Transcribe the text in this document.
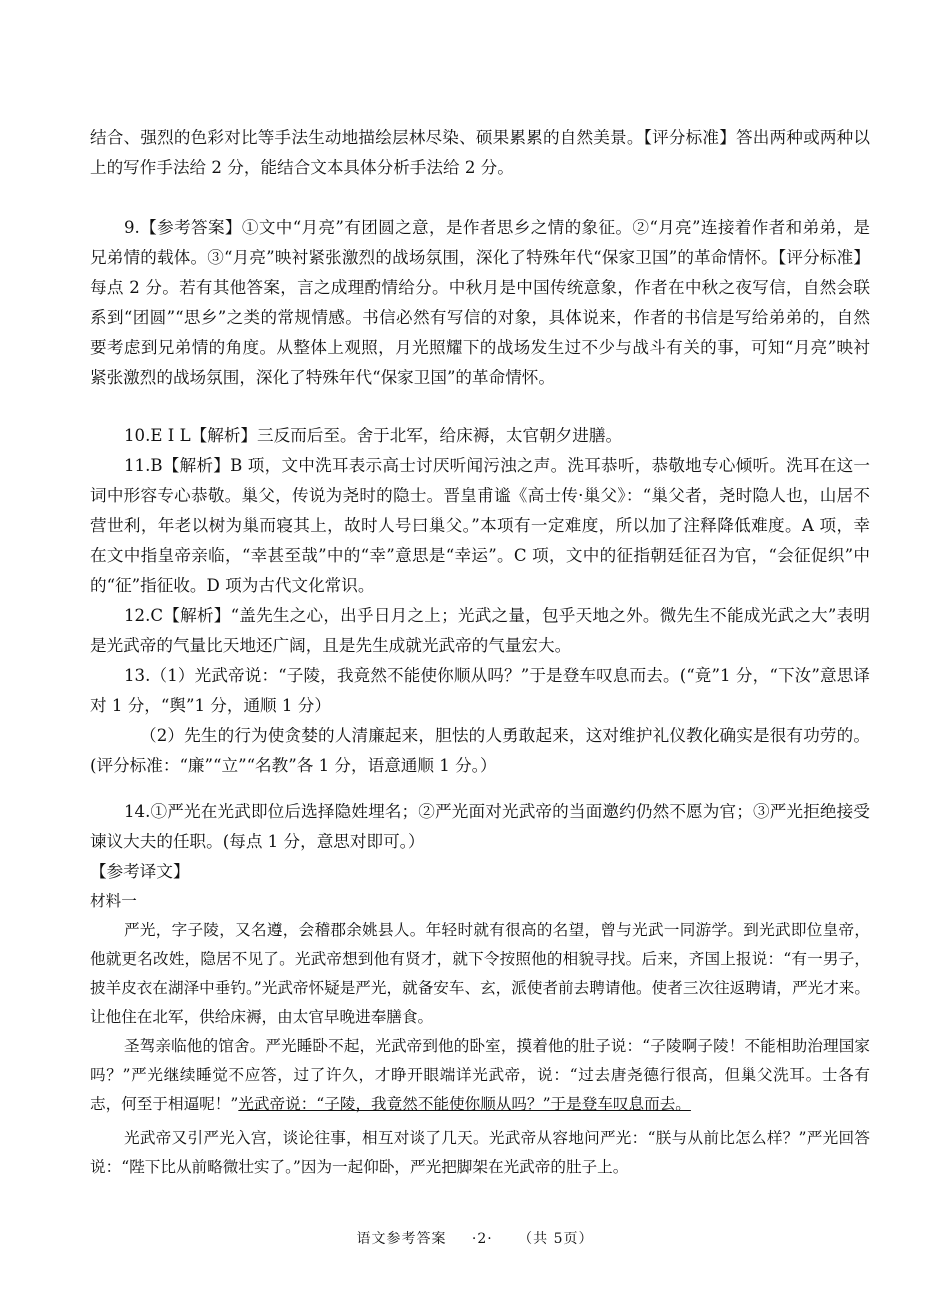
结合、强烈的色彩对比等手法生动地描绘层林尽染、硕果累累的自然美景。【评分标准】答出两种或两种以上的写作手法给 2 分，能结合文本具体分析手法给 2 分。

9.【参考答案】①文中“月亮”有团圆之意，是作者思乡之情的象征。②“月亮”连接着作者和弟弟，是兄弟情的载体。③“月亮”映衬紧张激烈的战场氛围，深化了特殊年代“保家卫国”的革命情怀。【评分标准】每点 2 分。若有其他答案，言之成理酌情给分。中秋月是中国传统意象，作者在中秋之夜写信，自然会联系到“团圆”“思乡”之类的常规情感。书信必然有写信的对象，具体说来，作者的书信是写给弟弟的，自然要考虑到兄弟情的角度。从整体上观照，月光照耀下的战场发生过不少与战斗有关的事，可知“月亮”映衬紧张激烈的战场氛围，深化了特殊年代“保家卫国”的革命情怀。

10.E I L【解析】三反而后至。舍于北军，给床褥，太官朝夕进膳。

11.B【解析】B 项，文中洗耳表示高士讨厌听闻污浊之声。洗耳恭听，恭敬地专心倾听。洗耳在这一词中形容专心恭敬。巢父，传说为尧时的隐士。晋皇甫谧《高士传·巢父》：“巢父者，尧时隐人也，山居不营世利，年老以树为巢而寝其上，故时人号曰巢父。”本项有一定难度，所以加了注释降低难度。A 项，幸在文中指皇帝亲临，“幸甚至哉”中的“幸”意思是“幸运”。C 项，文中的征指朝廷征召为官，“会征促织”中的“征”指征收。D 项为古代文化常识。

12.C【解析】“盖先生之心，出乎日月之上；光武之量，包乎天地之外。微先生不能成光武之大”表明是光武帝的气量比天地还广阔，且是先生成就光武帝的气量宏大。

13.（1）光武帝说：“子陵，我竟然不能使你顺从吗？”于是登车叹息而去。(“竟”1 分，“下汝”意思译对 1 分，“舆”1 分，通顺 1 分）

（2）先生的行为使贪婪的人清廉起来，胆怯的人勇敢起来，这对维护礼仪教化确实是很有功劳的。(评分标准：“廉”“立”“名教”各 1 分，语意通顺 1 分。）

14.①严光在光武即位后选择隐姓埋名；②严光面对光武帝的当面邀约仍然不愿为官；③严光拒绝接受谏议大夫的任职。(每点 1 分，意思对即可。）

【参考译文】

材料一

严光，字子陵，又名遵，会稽郡余姚县人。年轻时就有很高的名望，曾与光武一同游学。到光武即位皇帝，他就更名改姓，隐居不见了。光武帝想到他有贤才，就下令按照他的相貌寻找。后来，齐国上报说：“有一男子，披羊皮衣在湖泽中垂钓。”光武帝怀疑是严光，就备安车、玄，派使者前去聘请他。使者三次往返聘请，严光才来。让他住在北军，供给床褥，由太官早晚进奉膳食。

圣驾亲临他的馆舍。严光睡卧不起，光武帝到他的卧室，摸着他的肚子说：“子陵啊子陵！不能相助治理国家吗？”严光继续睡觉不应答，过了许久，才睁开眼端详光武帝，说：“过去唐尧德行很高，但巢父洗耳。士各有志，何至于相逼呢！”光武帝说：“子陵，我竟然不能使你顺从吗？”于是登车叹息而去。

光武帝又引严光入宫，谈论往事，相互对谈了几天。光武帝从容地问严光：“朕与从前比怎么样？”严光回答说：“陛下比从前略微壮实了。”因为一起仰卧，严光把脚架在光武帝的肚子上。

语文参考答案 ·2· （共 5页）
